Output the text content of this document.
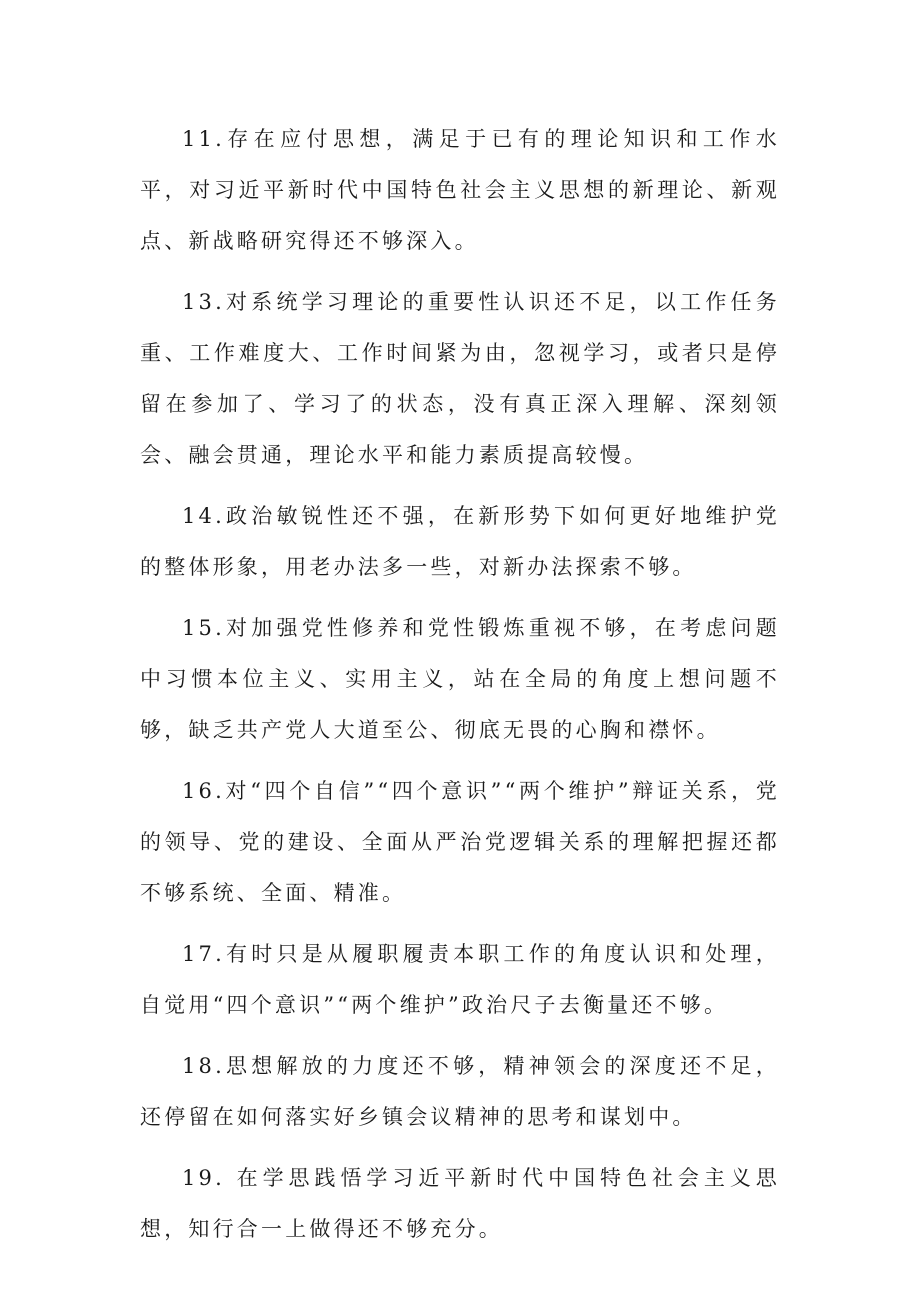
11.存在应付思想，满足于已有的理论知识和工作水平，对习近平新时代中国特色社会主义思想的新理论、新观点、新战略研究得还不够深入。

13.对系统学习理论的重要性认识还不足，以工作任务重、工作难度大、工作时间紧为由，忽视学习，或者只是停留在参加了、学习了的状态，没有真正深入理解、深刻领会、融会贯通，理论水平和能力素质提高较慢。

14.政治敏锐性还不强，在新形势下如何更好地维护党的整体形象，用老办法多一些，对新办法探索不够。

15.对加强党性修养和党性锻炼重视不够，在考虑问题中习惯本位主义、实用主义，站在全局的角度上想问题不够，缺乏共产党人大道至公、彻底无畏的心胸和襟怀。

16.对“四个自信”“四个意识”“两个维护”辩证关系，党的领导、党的建设、全面从严治党逻辑关系的理解把握还都不够系统、全面、精准。

17.有时只是从履职履责本职工作的角度认识和处理，自觉用“四个意识”“两个维护”政治尺子去衡量还不够。

18.思想解放的力度还不够，精神领会的深度还不足，还停留在如何落实好乡镇会议精神的思考和谋划中。

19. 在学思践悟学习近平新时代中国特色社会主义思想，知行合一上做得还不够充分。
